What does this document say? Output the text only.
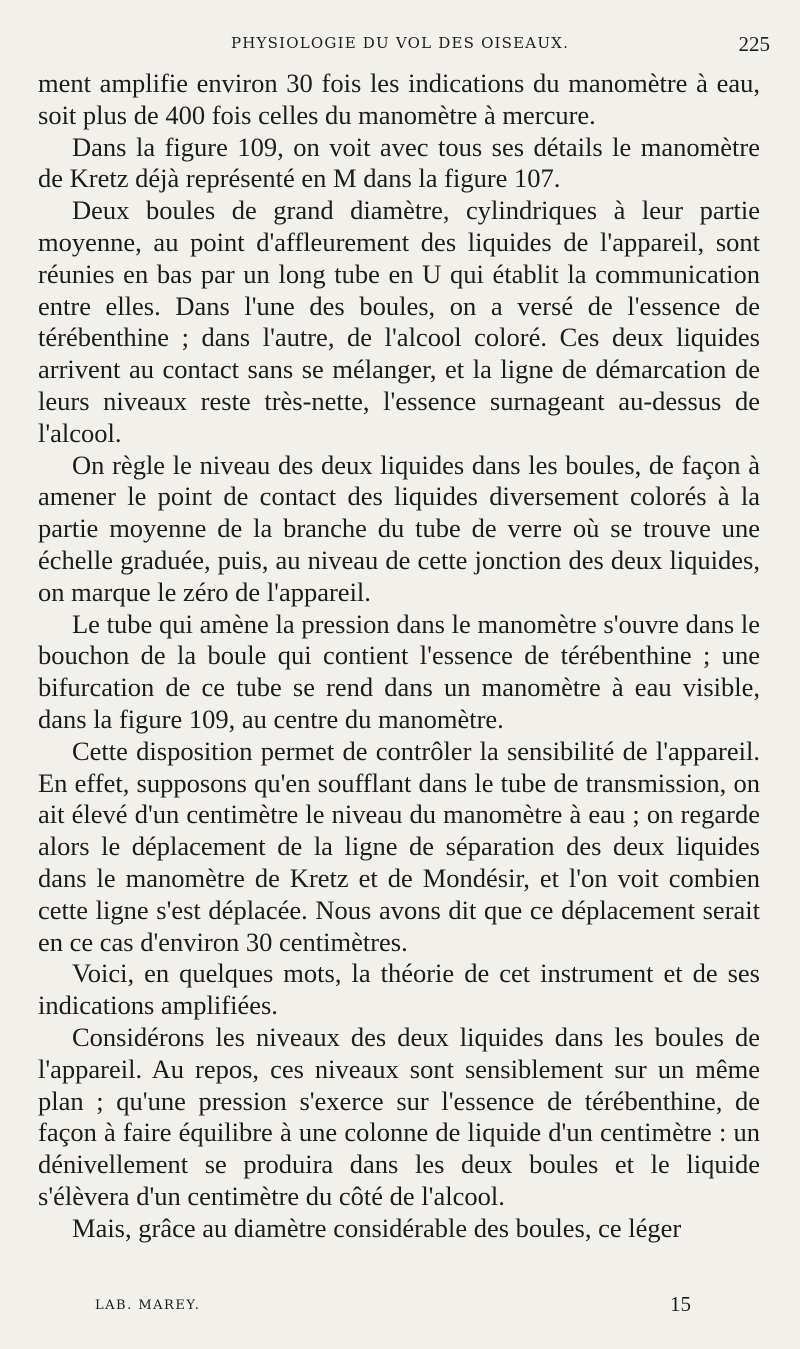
PHYSIOLOGIE DU VOL DES OISEAUX.	225

ment amplifie environ 30 fois les indications du manomètre à eau, soit plus de 400 fois celles du manomètre à mercure.

Dans la figure 109, on voit avec tous ses détails le manomètre de Kretz déjà représenté en M dans la figure 107.

Deux boules de grand diamètre, cylindriques à leur partie moyenne, au point d'affleurement des liquides de l'appareil, sont réunies en bas par un long tube en U qui établit la communication entre elles. Dans l'une des boules, on a versé de l'essence de térébenthine ; dans l'autre, de l'alcool coloré. Ces deux liquides arrivent au contact sans se mélanger, et la ligne de démarcation de leurs niveaux reste très-nette, l'essence surnageant au-dessus de l'alcool.

On règle le niveau des deux liquides dans les boules, de façon à amener le point de contact des liquides diversement colorés à la partie moyenne de la branche du tube de verre où se trouve une échelle graduée, puis, au niveau de cette jonction des deux liquides, on marque le zéro de l'appareil.

Le tube qui amène la pression dans le manomètre s'ouvre dans le bouchon de la boule qui contient l'essence de térébenthine ; une bifurcation de ce tube se rend dans un manomètre à eau visible, dans la figure 109, au centre du manomètre.

Cette disposition permet de contrôler la sensibilité de l'appareil. En effet, supposons qu'en soufflant dans le tube de transmission, on ait élevé d'un centimètre le niveau du manomètre à eau ; on regarde alors le déplacement de la ligne de séparation des deux liquides dans le manomètre de Kretz et de Mondésir, et l'on voit combien cette ligne s'est déplacée. Nous avons dit que ce déplacement serait en ce cas d'environ 30 centimètres.

Voici, en quelques mots, la théorie de cet instrument et de ses indications amplifiées.

Considérons les niveaux des deux liquides dans les boules de l'appareil. Au repos, ces niveaux sont sensiblement sur un même plan ; qu'une pression s'exerce sur l'essence de térébenthine, de façon à faire équilibre à une colonne de liquide d'un centimètre : un dénivellement se produira dans les deux boules et le liquide s'élèvera d'un centimètre du côté de l'alcool.

Mais, grâce au diamètre considérable des boules, ce léger

LAB. MAREY.	15
